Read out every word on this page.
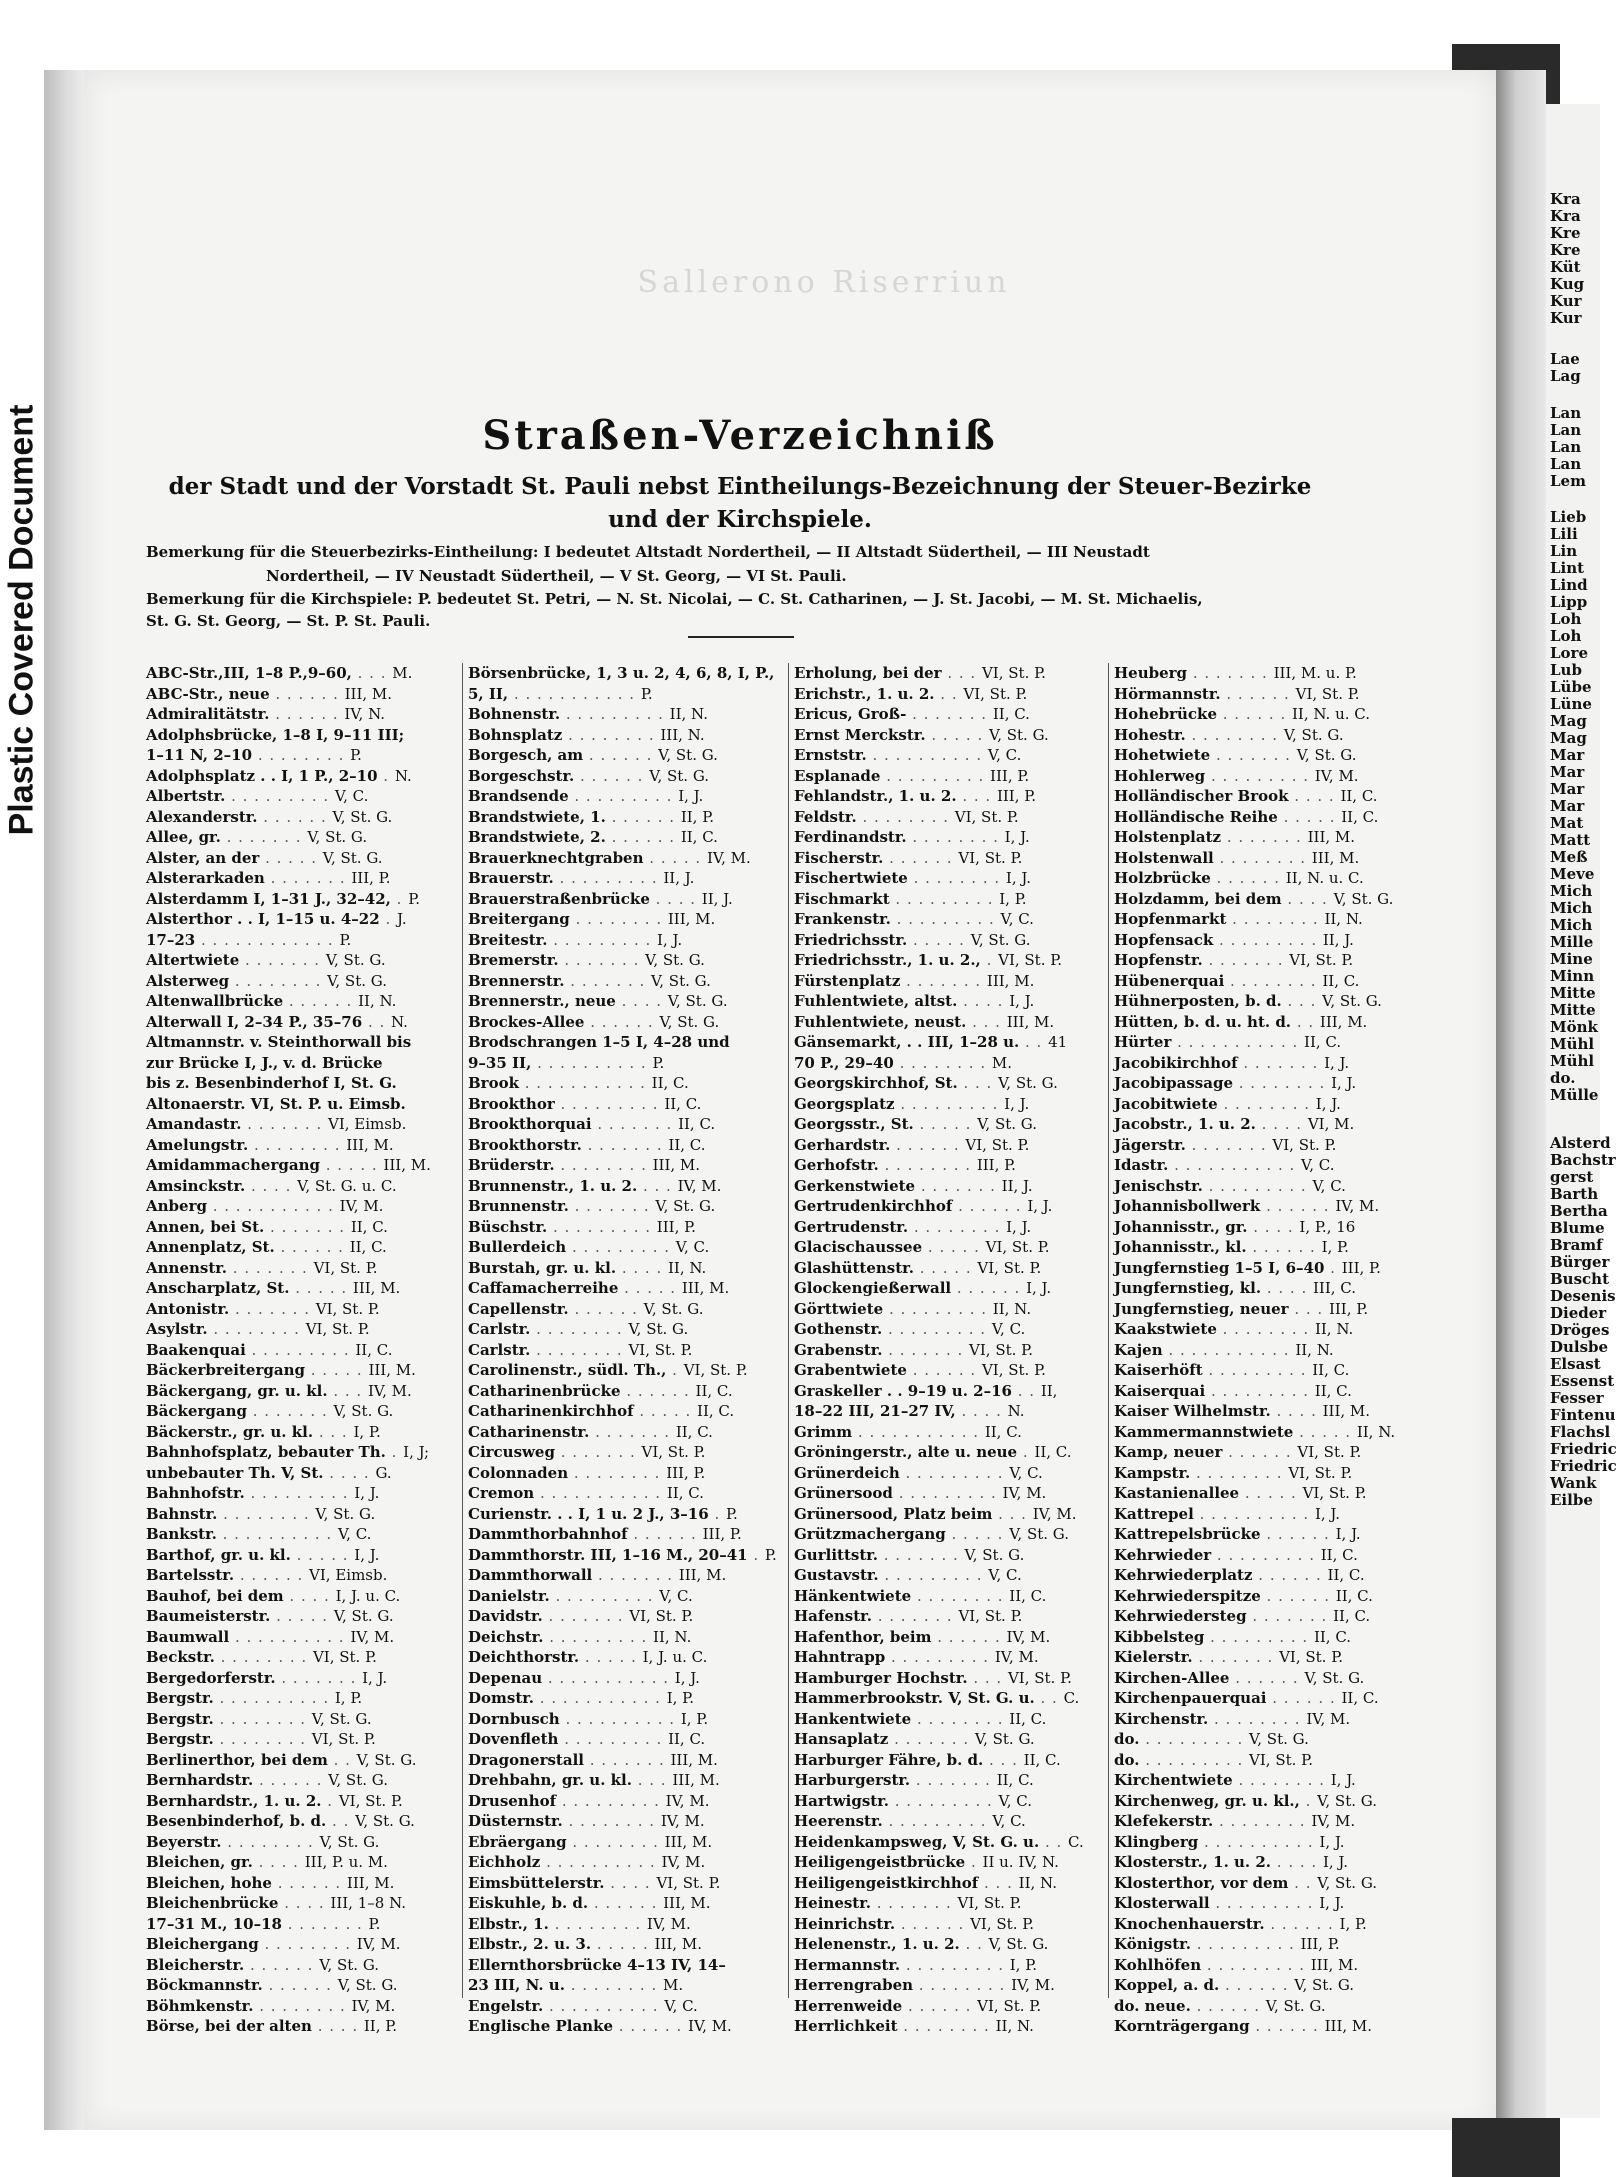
Plastic Covered Document
Sallerono Riserriun
Straßen-Verzeichniß
der Stadt und der Vorstadt St. Pauli nebst Eintheilungs-Bezeichnung der Steuer-Bezirke
und der Kirchspiele.
Bemerkung für die Steuerbezirks-Eintheilung: I bedeutet Altstadt Nordertheil, — II Altstadt Südertheil, — III Neustadt
Nordertheil, — IV Neustadt Südertheil, — V St. Georg, — VI St. Pauli.
Bemerkung für die Kirchspiele: P. bedeutet St. Petri, — N. St. Nicolai, — C. St. Catharinen, — J. St. Jacobi, — M. St. Michaelis,
St. G. St. Georg, — St. P. St. Pauli.
ABC-Str.,III, 1–8 P.,9–60, . . . M.
ABC-Str., neue . . . . . . III, M.
Admiralitätstr. . . . . . . IV, N.
Adolphsbrücke, 1–8 I, 9–11 III;
1–11 N, 2–10 . . . . . . . . P.
Adolphsplatz . . I, 1 P., 2–10 . N.
Albertstr. . . . . . . . . . V, C.
Alexanderstr. . . . . . . V, St. G.
Allee, gr. . . . . . . . V, St. G.
Alster, an der . . . . . V, St. G.
Alsterarkaden . . . . . . . III, P.
Alsterdamm I, 1–31 J., 32–42, . P.
Alsterthor . . I, 1–15 u. 4–22 . J.
17–23 . . . . . . . . . . . . P.
Altertwiete . . . . . . . V, St. G.
Alsterweg . . . . . . . . V, St. G.
Altenwallbrücke . . . . . . II, N.
Alterwall I, 2–34 P., 35–76 . . N.
Altmannstr. v. Steinthorwall bis
zur Brücke I, J., v. d. Brücke
bis z. Besenbinderhof I, St. G.
Altonaerstr. VI, St. P. u. Eimsb.
Amandastr. . . . . . . . VI, Eimsb.
Amelungstr. . . . . . . . . III, M.
Amidammachergang . . . . . III, M.
Amsinckstr. . . . . V, St. G. u. C.
Anberg . . . . . . . . . . . IV, M.
Annen, bei St. . . . . . . . II, C.
Annenplatz, St. . . . . . . II, C.
Annenstr. . . . . . . . VI, St. P.
Anscharplatz, St. . . . . . III, M.
Antonistr. . . . . . . . VI, St. P.
Asylstr. . . . . . . . . VI, St. P.
Baakenquai . . . . . . . . . II, C.
Bäckerbreitergang . . . . . III, M.
Bäckergang, gr. u. kl. . . . IV, M.
Bäckergang . . . . . . . V, St. G.
Bäckerstr., gr. u. kl. . . . I, P.
Bahnhofsplatz, bebauter Th. . I, J;
unbebauter Th. V, St. . . . . G.
Bahnhofstr. . . . . . . . . . I, J.
Bahnstr. . . . . . . . . V, St. G.
Bankstr. . . . . . . . . . . V, C.
Barthof, gr. u. kl. . . . . . I, J.
Bartelsstr. . . . . . . VI, Eimsb.
Bauhof, bei dem . . . . I, J. u. C.
Baumeisterstr. . . . . . V, St. G.
Baumwall . . . . . . . . . . IV, M.
Beckstr. . . . . . . . . VI, St. P.
Bergedorferstr. . . . . . . . I, J.
Bergstr. . . . . . . . . . . I, P.
Bergstr. . . . . . . . . V, St. G.
Bergstr. . . . . . . . . VI, St. P.
Berlinerthor, bei dem . . V, St. G.
Bernhardstr. . . . . . . V, St. G.
Bernhardstr., 1. u. 2. . VI, St. P.
Besenbinderhof, b. d. . . V, St. G.
Beyerstr. . . . . . . . . V, St. G.
Bleichen, gr. . . . . III, P. u. M.
Bleichen, hohe . . . . . . III, M.
Bleichenbrücke . . . . III, 1–8 N.
17–31 M., 10–18 . . . . . . . P.
Bleichergang . . . . . . . . IV, M.
Bleicherstr. . . . . . . V, St. G.
Böckmannstr. . . . . . . V, St. G.
Böhmkenstr. . . . . . . . . IV, M.
Börse, bei der alten . . . . II, P.
Börsenbrücke, 1, 3 u. 2, 4, 6, 8, I, P.,
5, II, . . . . . . . . . . . P.
Bohnenstr. . . . . . . . . . II, N.
Bohnsplatz . . . . . . . . III, N.
Borgesch, am . . . . . . V, St. G.
Borgeschstr. . . . . . . V, St. G.
Brandsende . . . . . . . . . I, J.
Brandstwiete, 1. . . . . . . II, P.
Brandstwiete, 2. . . . . . . II, C.
Brauerknechtgraben . . . . . IV, M.
Brauerstr. . . . . . . . . . II, J.
Brauerstraßenbrücke . . . . II, J.
Breitergang . . . . . . . . III, M.
Breitestr. . . . . . . . . . I, J.
Bremerstr. . . . . . . . V, St. G.
Brennerstr. . . . . . . . V, St. G.
Brennerstr., neue . . . . V, St. G.
Brockes-Allee . . . . . . V, St. G.
Brodschrangen 1–5 I, 4–28 und
9–35 II, . . . . . . . . . . P.
Brook . . . . . . . . . . . II, C.
Brookthor . . . . . . . . . II, C.
Brookthorquai . . . . . . . II, C.
Brookthorstr. . . . . . . . II, C.
Brüderstr. . . . . . . . . III, M.
Brunnenstr., 1. u. 2. . . . IV, M.
Brunnenstr. . . . . . . . V, St. G.
Büschstr. . . . . . . . . . III, P.
Bullerdeich . . . . . . . . . V, C.
Burstah, gr. u. kl. . . . . II, N.
Caffamacherreihe . . . . . III, M.
Capellenstr. . . . . . . V, St. G.
Carlstr. . . . . . . . . V, St. G.
Carlstr. . . . . . . . . VI, St. P.
Carolinenstr., südl. Th., . VI, St. P.
Catharinenbrücke . . . . . . II, C.
Catharinenkirchhof . . . . . II, C.
Catharinenstr. . . . . . . . II, C.
Circusweg . . . . . . . VI, St. P.
Colonnaden . . . . . . . . III, P.
Cremon . . . . . . . . . . . II, C.
Curienstr. . . I, 1 u. 2 J., 3–16 . P.
Dammthorbahnhof . . . . . . III, P.
Dammthorstr. III, 1–16 M., 20–41 . P.
Dammthorwall . . . . . . . III, M.
Danielstr. . . . . . . . . . V, C.
Davidstr. . . . . . . . VI, St. P.
Deichstr. . . . . . . . . . II, N.
Deichthorstr. . . . . . I, J. u. C.
Depenau . . . . . . . . . . . I, J.
Domstr. . . . . . . . . . . . I, P.
Dornbusch . . . . . . . . . . I, P.
Dovenfleth . . . . . . . . . II, C.
Dragonerstall . . . . . . . III, M.
Drehbahn, gr. u. kl. . . . III, M.
Drusenhof . . . . . . . . . IV, M.
Düsternstr. . . . . . . . . IV, M.
Ebräergang . . . . . . . . III, M.
Eichholz . . . . . . . . . . IV, M.
Eimsbüttelerstr. . . . . VI, St. P.
Eiskuhle, b. d. . . . . . . III, M.
Elbstr., 1. . . . . . . . . IV, M.
Elbstr., 2. u. 3. . . . . . III, M.
Ellernthorsbrücke 4–13 IV, 14–
23 III, N. u. . . . . . . . . M.
Engelstr. . . . . . . . . . . V, C.
Englische Planke . . . . . . IV, M.
Erholung, bei der . . . VI, St. P.
Erichstr., 1. u. 2. . . VI, St. P.
Ericus, Groß- . . . . . . . II, C.
Ernst Merckstr. . . . . . V, St. G.
Ernststr. . . . . . . . . . . V, C.
Esplanade . . . . . . . . . III, P.
Fehlandstr., 1. u. 2. . . . III, P.
Feldstr. . . . . . . . . VI, St. P.
Ferdinandstr. . . . . . . . . I, J.
Fischerstr. . . . . . . VI, St. P.
Fischertwiete . . . . . . . . I, J.
Fischmarkt . . . . . . . . . I, P.
Frankenstr. . . . . . . . . . V, C.
Friedrichsstr. . . . . . V, St. G.
Friedrichsstr., 1. u. 2., . VI, St. P.
Fürstenplatz . . . . . . . III, M.
Fuhlentwiete, altst. . . . . I, J.
Fuhlentwiete, neust. . . . III, M.
Gänsemarkt, . . III, 1–28 u. . . 41
70 P., 29–40 . . . . . . . . M.
Georgskirchhof, St. . . . V, St. G.
Georgsplatz . . . . . . . . . I, J.
Georgsstr., St. . . . . . V, St. G.
Gerhardstr. . . . . . . VI, St. P.
Gerhofstr. . . . . . . . . III, P.
Gerkenstwiete . . . . . . . II, J.
Gertrudenkirchhof . . . . . . I, J.
Gertrudenstr. . . . . . . . . I, J.
Glacischaussee . . . . . VI, St. P.
Glashüttenstr. . . . . . VI, St. P.
Glockengießerwall . . . . . . I, J.
Görttwiete . . . . . . . . . II, N.
Gothenstr. . . . . . . . . . V, C.
Grabenstr. . . . . . . . VI, St. P.
Grabentwiete . . . . . . VI, St. P.
Graskeller . . 9–19 u. 2–16 . . II,
18–22 III, 21–27 IV, . . . . N.
Grimm . . . . . . . . . . . II, C.
Gröningerstr., alte u. neue . II, C.
Grünerdeich . . . . . . . . . V, C.
Grünersood . . . . . . . . . IV, M.
Grünersood, Platz beim . . . IV, M.
Grützmachergang . . . . . V, St. G.
Gurlittstr. . . . . . . . V, St. G.
Gustavstr. . . . . . . . . . V, C.
Hänkentwiete . . . . . . . . II, C.
Hafenstr. . . . . . . . VI, St. P.
Hafenthor, beim . . . . . . IV, M.
Hahntrapp . . . . . . . . . IV, M.
Hamburger Hochstr. . . . VI, St. P.
Hammerbrookstr. V, St. G. u. . . C.
Hankentwiete . . . . . . . . II, C.
Hansaplatz . . . . . . . V, St. G.
Harburger Fähre, b. d. . . . II, C.
Harburgerstr. . . . . . . . II, C.
Hartwigstr. . . . . . . . . . V, C.
Heerenstr. . . . . . . . . . V, C.
Heidenkampsweg, V, St. G. u. . . C.
Heiligengeistbrücke . II u. IV, N.
Heiligengeistkirchhof . . . II, N.
Heinestr. . . . . . . . VI, St. P.
Heinrichstr. . . . . . . VI, St. P.
Helenenstr., 1. u. 2. . . V, St. G.
Hermannstr. . . . . . . . . . I, P.
Herrengraben . . . . . . . . IV, M.
Herrenweide . . . . . . VI, St. P.
Herrlichkeit . . . . . . . . II, N.
Heuberg . . . . . . . III, M. u. P.
Hörmannstr. . . . . . . VI, St. P.
Hohebrücke . . . . . . II, N. u. C.
Hohestr. . . . . . . . . V, St. G.
Hohetwiete . . . . . . . V, St. G.
Hohlerweg . . . . . . . . . IV, M.
Holländischer Brook . . . . II, C.
Holländische Reihe . . . . . II, C.
Holstenplatz . . . . . . . III, M.
Holstenwall . . . . . . . . III, M.
Holzbrücke . . . . . . II, N. u. C.
Holzdamm, bei dem . . . . V, St. G.
Hopfenmarkt . . . . . . . . II, N.
Hopfensack . . . . . . . . . II, J.
Hopfenstr. . . . . . . . VI, St. P.
Hübenerquai . . . . . . . . II, C.
Hühnerposten, b. d. . . . V, St. G.
Hütten, b. d. u. ht. d. . . III, M.
Hürter . . . . . . . . . . . II, C.
Jacobikirchhof . . . . . . . I, J.
Jacobipassage . . . . . . . . I, J.
Jacobitwiete . . . . . . . . I, J.
Jacobstr., 1. u. 2. . . . . VI, M.
Jägerstr. . . . . . . . VI, St. P.
Idastr. . . . . . . . . . . . V, C.
Jenischstr. . . . . . . . . . V, C.
Johannisbollwerk . . . . . . IV, M.
Johannisstr., gr. . . . . I, P., 16
Johannisstr., kl. . . . . . . I, P.
Jungfernstieg 1–5 I, 6–40 . III, P.
Jungfernstieg, kl. . . . . III, C.
Jungfernstieg, neuer . . . III, P.
Kaakstwiete . . . . . . . . II, N.
Kajen . . . . . . . . . . . II, N.
Kaiserhöft . . . . . . . . . II, C.
Kaiserquai . . . . . . . . . II, C.
Kaiser Wilhelmstr. . . . . III, M.
Kammermannstwiete . . . . . II, N.
Kamp, neuer . . . . . . VI, St. P.
Kampstr. . . . . . . . . VI, St. P.
Kastanienallee . . . . . VI, St. P.
Kattrepel . . . . . . . . . . I, J.
Kattrepelsbrücke . . . . . . I, J.
Kehrwieder . . . . . . . . . II, C.
Kehrwiederplatz . . . . . . II, C.
Kehrwiederspitze . . . . . . II, C.
Kehrwiedersteg . . . . . . . II, C.
Kibbelsteg . . . . . . . . . II, C.
Kielerstr. . . . . . . . VI, St. P.
Kirchen-Allee . . . . . . V, St. G.
Kirchenpauerquai . . . . . . II, C.
Kirchenstr. . . . . . . . . IV, M.
do. . . . . . . . . . V, St. G.
do. . . . . . . . . . VI, St. P.
Kirchentwiete . . . . . . . . I, J.
Kirchenweg, gr. u. kl., . V, St. G.
Klefekerstr. . . . . . . . . IV, M.
Klingberg . . . . . . . . . . I, J.
Klosterstr., 1. u. 2. . . . . I, J.
Klosterthor, vor dem . . V, St. G.
Klosterwall . . . . . . . . . I, J.
Knochenhauerstr. . . . . . . I, P.
Königstr. . . . . . . . . . III, P.
Kohlhöfen . . . . . . . . . III, M.
Koppel, a. d. . . . . . . V, St. G.
do. neue. . . . . . . V, St. G.
Kornträgergang . . . . . . III, M.
Kra
Kra
Kre
Kre
Küt
Kug
Kur
Kur
Lae
Lag
Lan
Lan
Lan
Lan
Lem
Lieb
Lili
Lin
Lint
Lind
Lipp
Loh
Loh
Lore
Lub
Lübe
Lüne
Mag
Mag
Mar
Mar
Mar
Mar
Mat
Matt
Meß
Meve
Mich
Mich
Mich
Mille
Mine
Minn
Mitte
Mitte
Mönk
Mühl
Mühl
do.
Mülle
Alsterd
Bachstr
gerst
Barth
Bertha
Blume
Bramf
Bürger
Buscht
Desenis
Dieder
Dröges
Dulsbe
Elsast
Essenst
Fesser
Fintenu
Flachsl
Friedric
Friedric
Wank
Eilbe
